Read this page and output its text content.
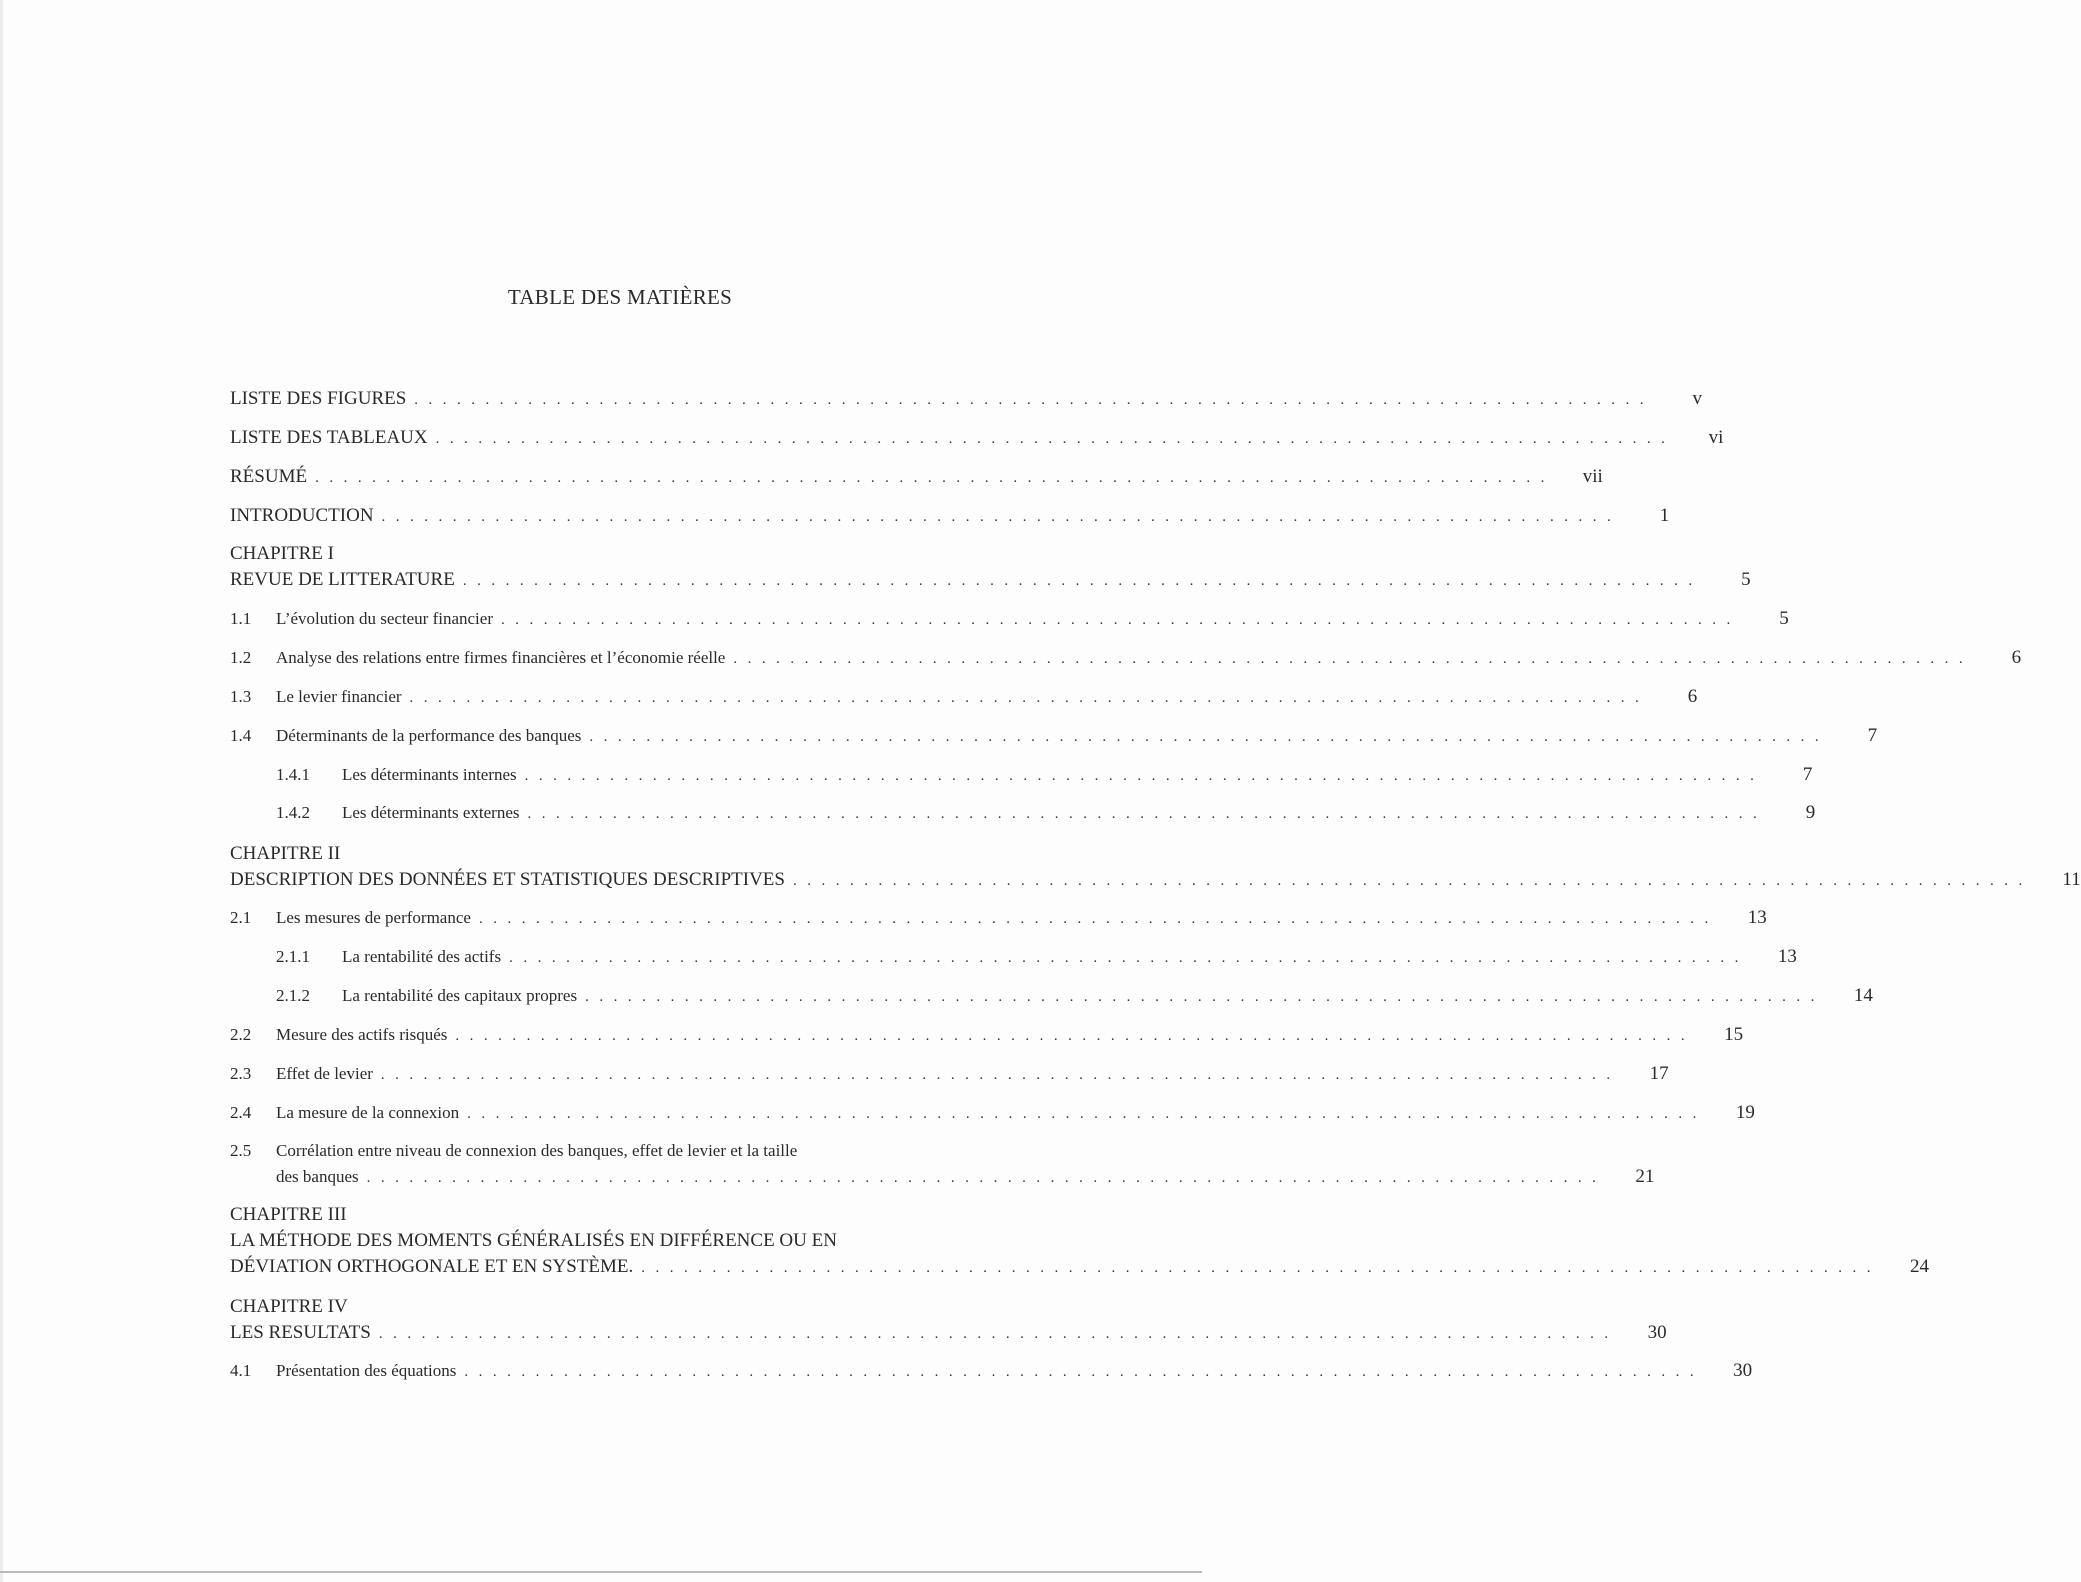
TABLE DES MATIÈRES
LISTE DES FIGURES .......................................................................................	v
LISTE DES TABLEAUX .......................................................................................	vi
RÉSUMÉ .......................................................................................	vii
INTRODUCTION .......................................................................................	1
CHAPITRE I
REVUE DE LITTERATURE .......................................................................................	5
1.1	L’évolution du secteur financier .......................................................................................	5
1.2	Analyse des relations entre firmes financières et l’économie réelle .......................................................................................	6
1.3	Le levier financier .......................................................................................	6
1.4	Déterminants de la performance des banques .......................................................................................	7
1.4.1	Les déterminants internes .......................................................................................	7
1.4.2	Les déterminants externes .......................................................................................	9
CHAPITRE II
DESCRIPTION DES DONNÉES ET STATISTIQUES DESCRIPTIVES .......................................................................................	11
2.1	Les mesures de performance .......................................................................................	13
2.1.1	La rentabilité des actifs .......................................................................................	13
2.1.2	La rentabilité des capitaux propres .......................................................................................	14
2.2	Mesure des actifs risqués .......................................................................................	15
2.3	Effet de levier .......................................................................................	17
2.4	La mesure de la connexion .......................................................................................	19
2.5	Corrélation entre niveau de connexion des banques, effet de levier et la taille
des banques .......................................................................................	21
CHAPITRE III
LA MÉTHODE DES MOMENTS GÉNÉRALISÉS EN DIFFÉRENCE OU EN
DÉVIATION ORTHOGONALE ET EN SYSTÈME. .......................................................................................	24
CHAPITRE IV
LES RESULTATS .......................................................................................	30
4.1	Présentation des équations .......................................................................................	30
